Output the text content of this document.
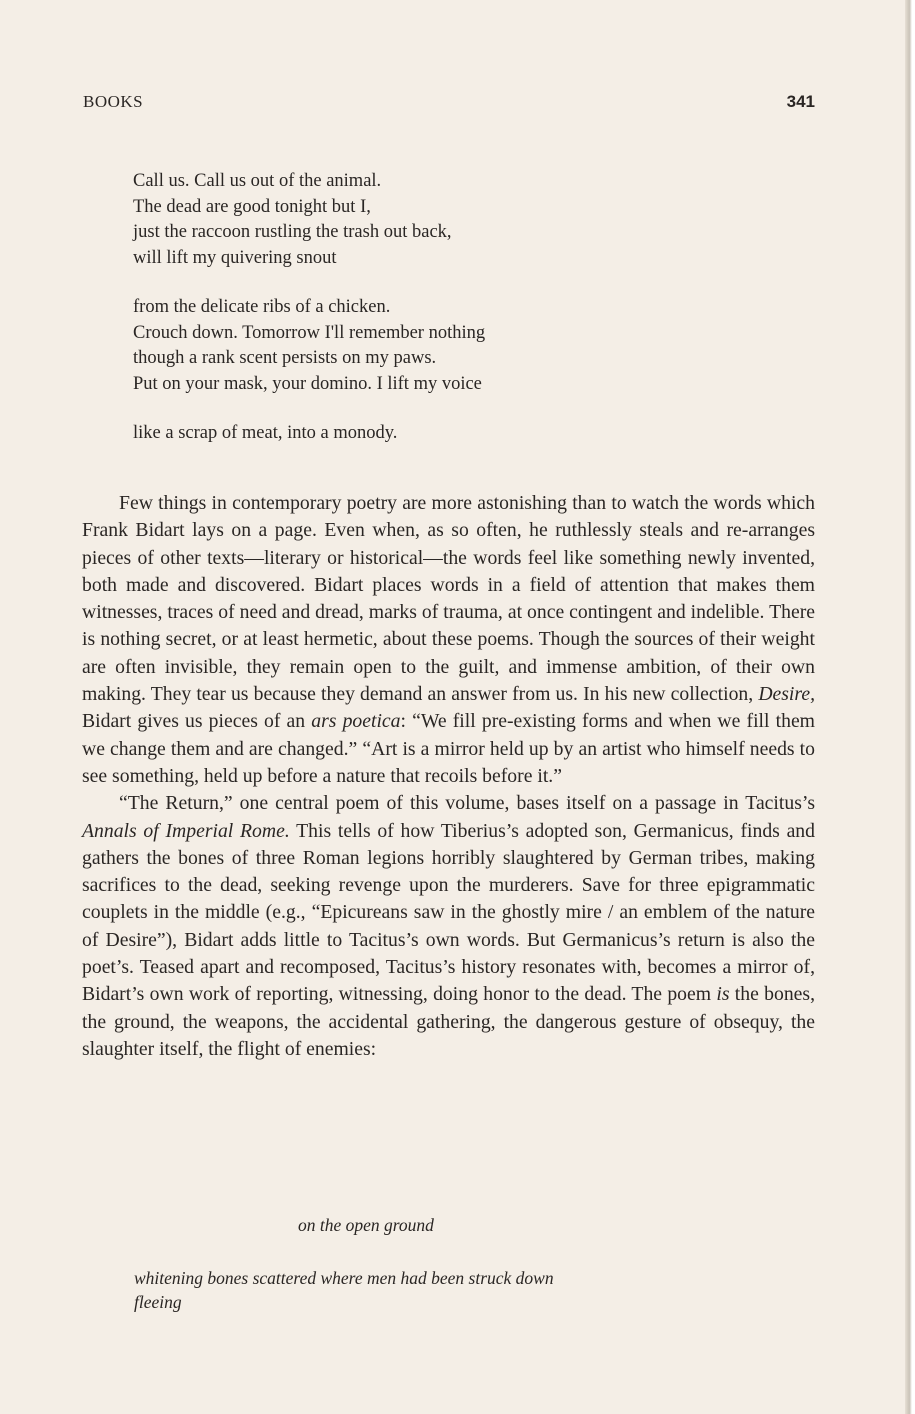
BOOKS	341
Call us. Call us out of the animal.
The dead are good tonight but I,
just the raccoon rustling the trash out back,
will lift my quivering snout
from the delicate ribs of a chicken.
Crouch down. Tomorrow I'll remember nothing
though a rank scent persists on my paws.
Put on your mask, your domino. I lift my voice
like a scrap of meat, into a monody.

Few things in contemporary poetry are more astonishing than to watch the words which Frank Bidart lays on a page. Even when, as so often, he ruthlessly steals and re-arranges pieces of other texts—literary or historical—the words feel like something newly invented, both made and discovered. Bidart places words in a field of attention that makes them witnesses, traces of need and dread, marks of trauma, at once contingent and indelible. There is nothing secret, or at least hermetic, about these poems. Though the sources of their weight are often invisible, they remain open to the guilt, and immense ambition, of their own making. They tear us because they demand an answer from us. In his new collection, Desire, Bidart gives us pieces of an ars poetica: “We fill pre-existing forms and when we fill them we change them and are changed.” “Art is a mirror held up by an artist who himself needs to see something, held up before a nature that recoils before it.”

“The Return,” one central poem of this volume, bases itself on a passage in Tacitus’s Annals of Imperial Rome. This tells of how Tiberius’s adopted son, Germanicus, finds and gathers the bones of three Roman legions horribly slaughtered by German tribes, making sacrifices to the dead, seeking revenge upon the murderers. Save for three epigrammatic couplets in the middle (e.g., “Epicureans saw in the ghostly mire / an emblem of the nature of Desire”), Bidart adds little to Tacitus’s own words. But Germanicus’s return is also the poet’s. Teased apart and recomposed, Tacitus’s history resonates with, becomes a mirror of, Bidart’s own work of reporting, witnessing, doing honor to the dead. The poem is the bones, the ground, the weapons, the accidental gathering, the dangerous gesture of obsequy, the slaughter itself, the flight of enemies:

on the open ground
whitening bones scattered where men had been struck down
fleeing
